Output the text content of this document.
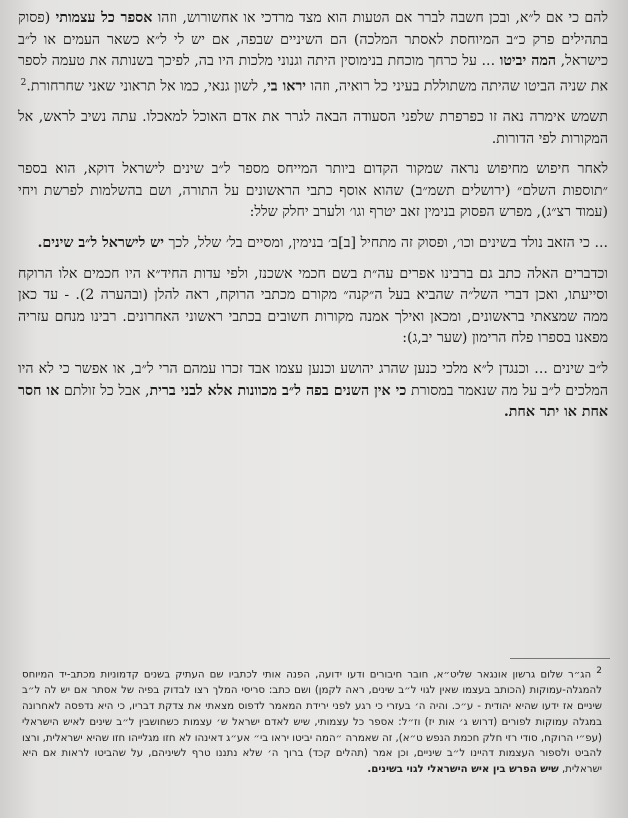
להם כי אם ל״א, ובכן חשבה לברר אם הטעות הוא מצד מרדכי או אחשורוש, וזהו אספר כל עצמותי (פסוק בתהילים פרק כ״ב המיוחסת לאסתר המלכה) הם השיניים שבפה, אם יש לי ל״א כשאר העמים או ל״ב כישראל, המה יביטו ... על כרחך מוכחת בנימוסין היתה וגנוני מלכות היו בה, לפיכך בשנותה את טעמה לספר את שניה הביטו שהיתה משתוללת בעיני כל רואיה, וזהו יראו בי, לשון גנאי, כמו אל תראוני שאני שחרחורת.$^2$

תשמש אימרה נאה זו כפרפרת שלפני הסעודה הבאה לגרר את אדם האוכל למאכלו. עתה נשיב לראש, אל המקורות לפי הדורות.

לאחר חיפוש מחיפוש נראה שמקור הקדום ביותר המייחס מספר ל״ב שינים לישראל דוקא, הוא בספר ״תוספות השלם״ (ירושלים תשמ״ב) שהוא אוסף כתבי הראשונים על התורה, ושם בהשלמות לפרשת ויחי (עמוד רצ״ג), מפרש הפסוק בנימין זאב יטרף וגו׳ ולערב יחלק שלל:

... כי הזאב נולד בשינים וכו׳, ופסוק זה מתחיל [ב]ב׳ בנימין, ומסיים בל׳ שלל, לכך יש לישראל ל״ב שינים.

וכדברים האלה כתב גם ברבינו אפרים עה״ת בשם חכמי אשכנז, ולפי עדות החיד״א היו חכמים אלו הרוקח וסייעתו, ואכן דברי השל״ה שהביא בעל ה״קנה״ מקורם מכתבי הרוקח, ראה להלן (ובהערה 2). - עד כאן ממה שמצאתי בראשונים, ומכאן ואילך אמנה מקורות חשובים בכתבי ראשוני האחרונים. רבינו מנחם עזריה מפאנו בספרו פלח הרימון (שער יב,ג):

ל״ב שינים ... וכנגדן ל״א מלכי כנען שהרג יהושע וכנען עצמו אבד זכרו עמהם הרי ל״ב, או אפשר כי לא היו המלכים ל״ב על מה שנאמר במסורת כי אין השנים בפה ל״ב מכוונות אלא לבני ברית, אבל כל זולתם או חסר אחת או יתר אחת.

2 הג״ר שלום גרשון אונגאר שליט״א, חובר חיבורים ודעו ידועה, הפנה אותי לכתביו שם העתיק בשנים קדמוניות מכתב-יד המיוחס להמגלה-עמוקות (הכותב בעצמו שאין לגוי ל״ב שינים, ראה לקמן) ושם כתב: סריסי המלך רצו לבדוק בפיה של אסתר אם יש לה ל״ב שיניים אז ידעו שהיא יהודית - ע״כ. והיה ה׳ בעזרי כי רגע לפני ירידת המאמר לדפוס מצאתי את צדקת דבריו, כי היא נדפסה לאחרונה במגלה עמוקות לפורים (דרוש ג׳ אות יז) וז״ל: אספר כל עצמותי, שיש לאדם ישראל ש׳ עצמות כשחושבין ל״ב שינים לאיש הישראלי (עפ״י הרוקח, סודי רזי חלק חכמת הנפש ט״א), זה שאמרה ״המה יביטו יראו בי״ אע״ג דאינהו לא חזו מגלייהו חזו שהיא ישראלית, ורצו להביט ולספור העצמות דהיינו ל״ב שיניים, וכן אמר (תהלים קכד) ברוך ה׳ שלא נתננו טרף לשיניהם, על שהביטו לראות אם היא ישראלית, שיש הפרש בין איש הישראלי לגוי בשינים.
